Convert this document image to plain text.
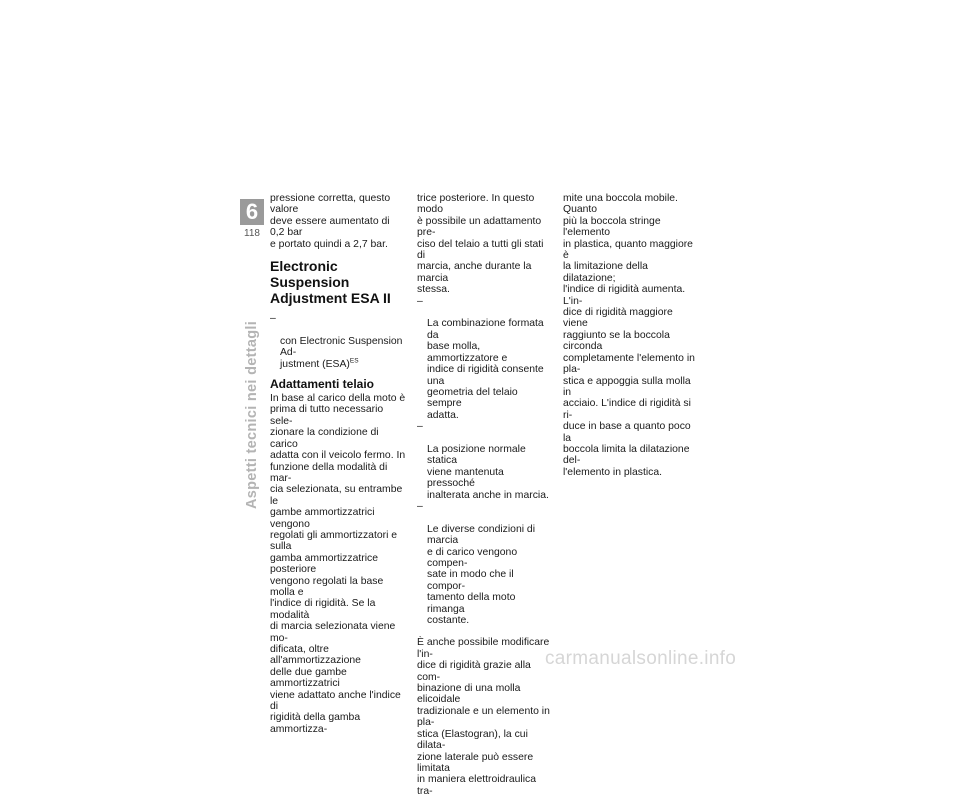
6
118
Aspetti tecnici nei dettagli

pressione corretta, questo valore
deve essere aumentato di 0,2 bar
e portato quindi a 2,7 bar.

Electronic Suspension
Adjustment ESA II

–

con Electronic Suspension Ad-
justment (ESA)$^{ES}$

Adattamenti telaio

In base al carico della moto è
prima di tutto necessario sele-
zionare la condizione di carico
adatta con il veicolo fermo. In
funzione della modalità di mar-
cia selezionata, su entrambe le
gambe ammortizzatrici vengono
regolati gli ammortizzatori e sulla
gamba ammortizzatrice posteriore
vengono regolati la base molla e
l'indice di rigidità. Se la modalità
di marcia selezionata viene mo-
dificata, oltre all'ammortizzazione
delle due gambe ammortizzatrici
viene adattato anche l'indice di
rigidità della gamba ammortizza-

trice posteriore. In questo modo
è possibile un adattamento pre-
ciso del telaio a tutti gli stati di
marcia, anche durante la marcia
stessa.

–

La combinazione formata da
base molla, ammortizzatore e
indice di rigidità consente una
geometria del telaio sempre
adatta.

–

La posizione normale statica
viene mantenuta pressoché
inalterata anche in marcia.

–

Le diverse condizioni di marcia
e di carico vengono compen-
sate in modo che il compor-
tamento della moto rimanga
costante.

È anche possibile modificare l'in-
dice di rigidità grazie alla com-
binazione di una molla elicoidale
tradizionale e un elemento in pla-
stica (Elastogran), la cui dilata-
zione laterale può essere limitata
in maniera elettroidraulica tra-

mite una boccola mobile. Quanto
più la boccola stringe l'elemento
in plastica, quanto maggiore è
la limitazione della dilatazione;
l'indice di rigidità aumenta. L'in-
dice di rigidità maggiore viene
raggiunto se la boccola circonda
completamente l'elemento in pla-
stica e appoggia sulla molla in
acciaio. L'indice di rigidità si ri-
duce in base a quanto poco la
boccola limita la dilatazione del-
l'elemento in plastica.

carmanualsonline.info
